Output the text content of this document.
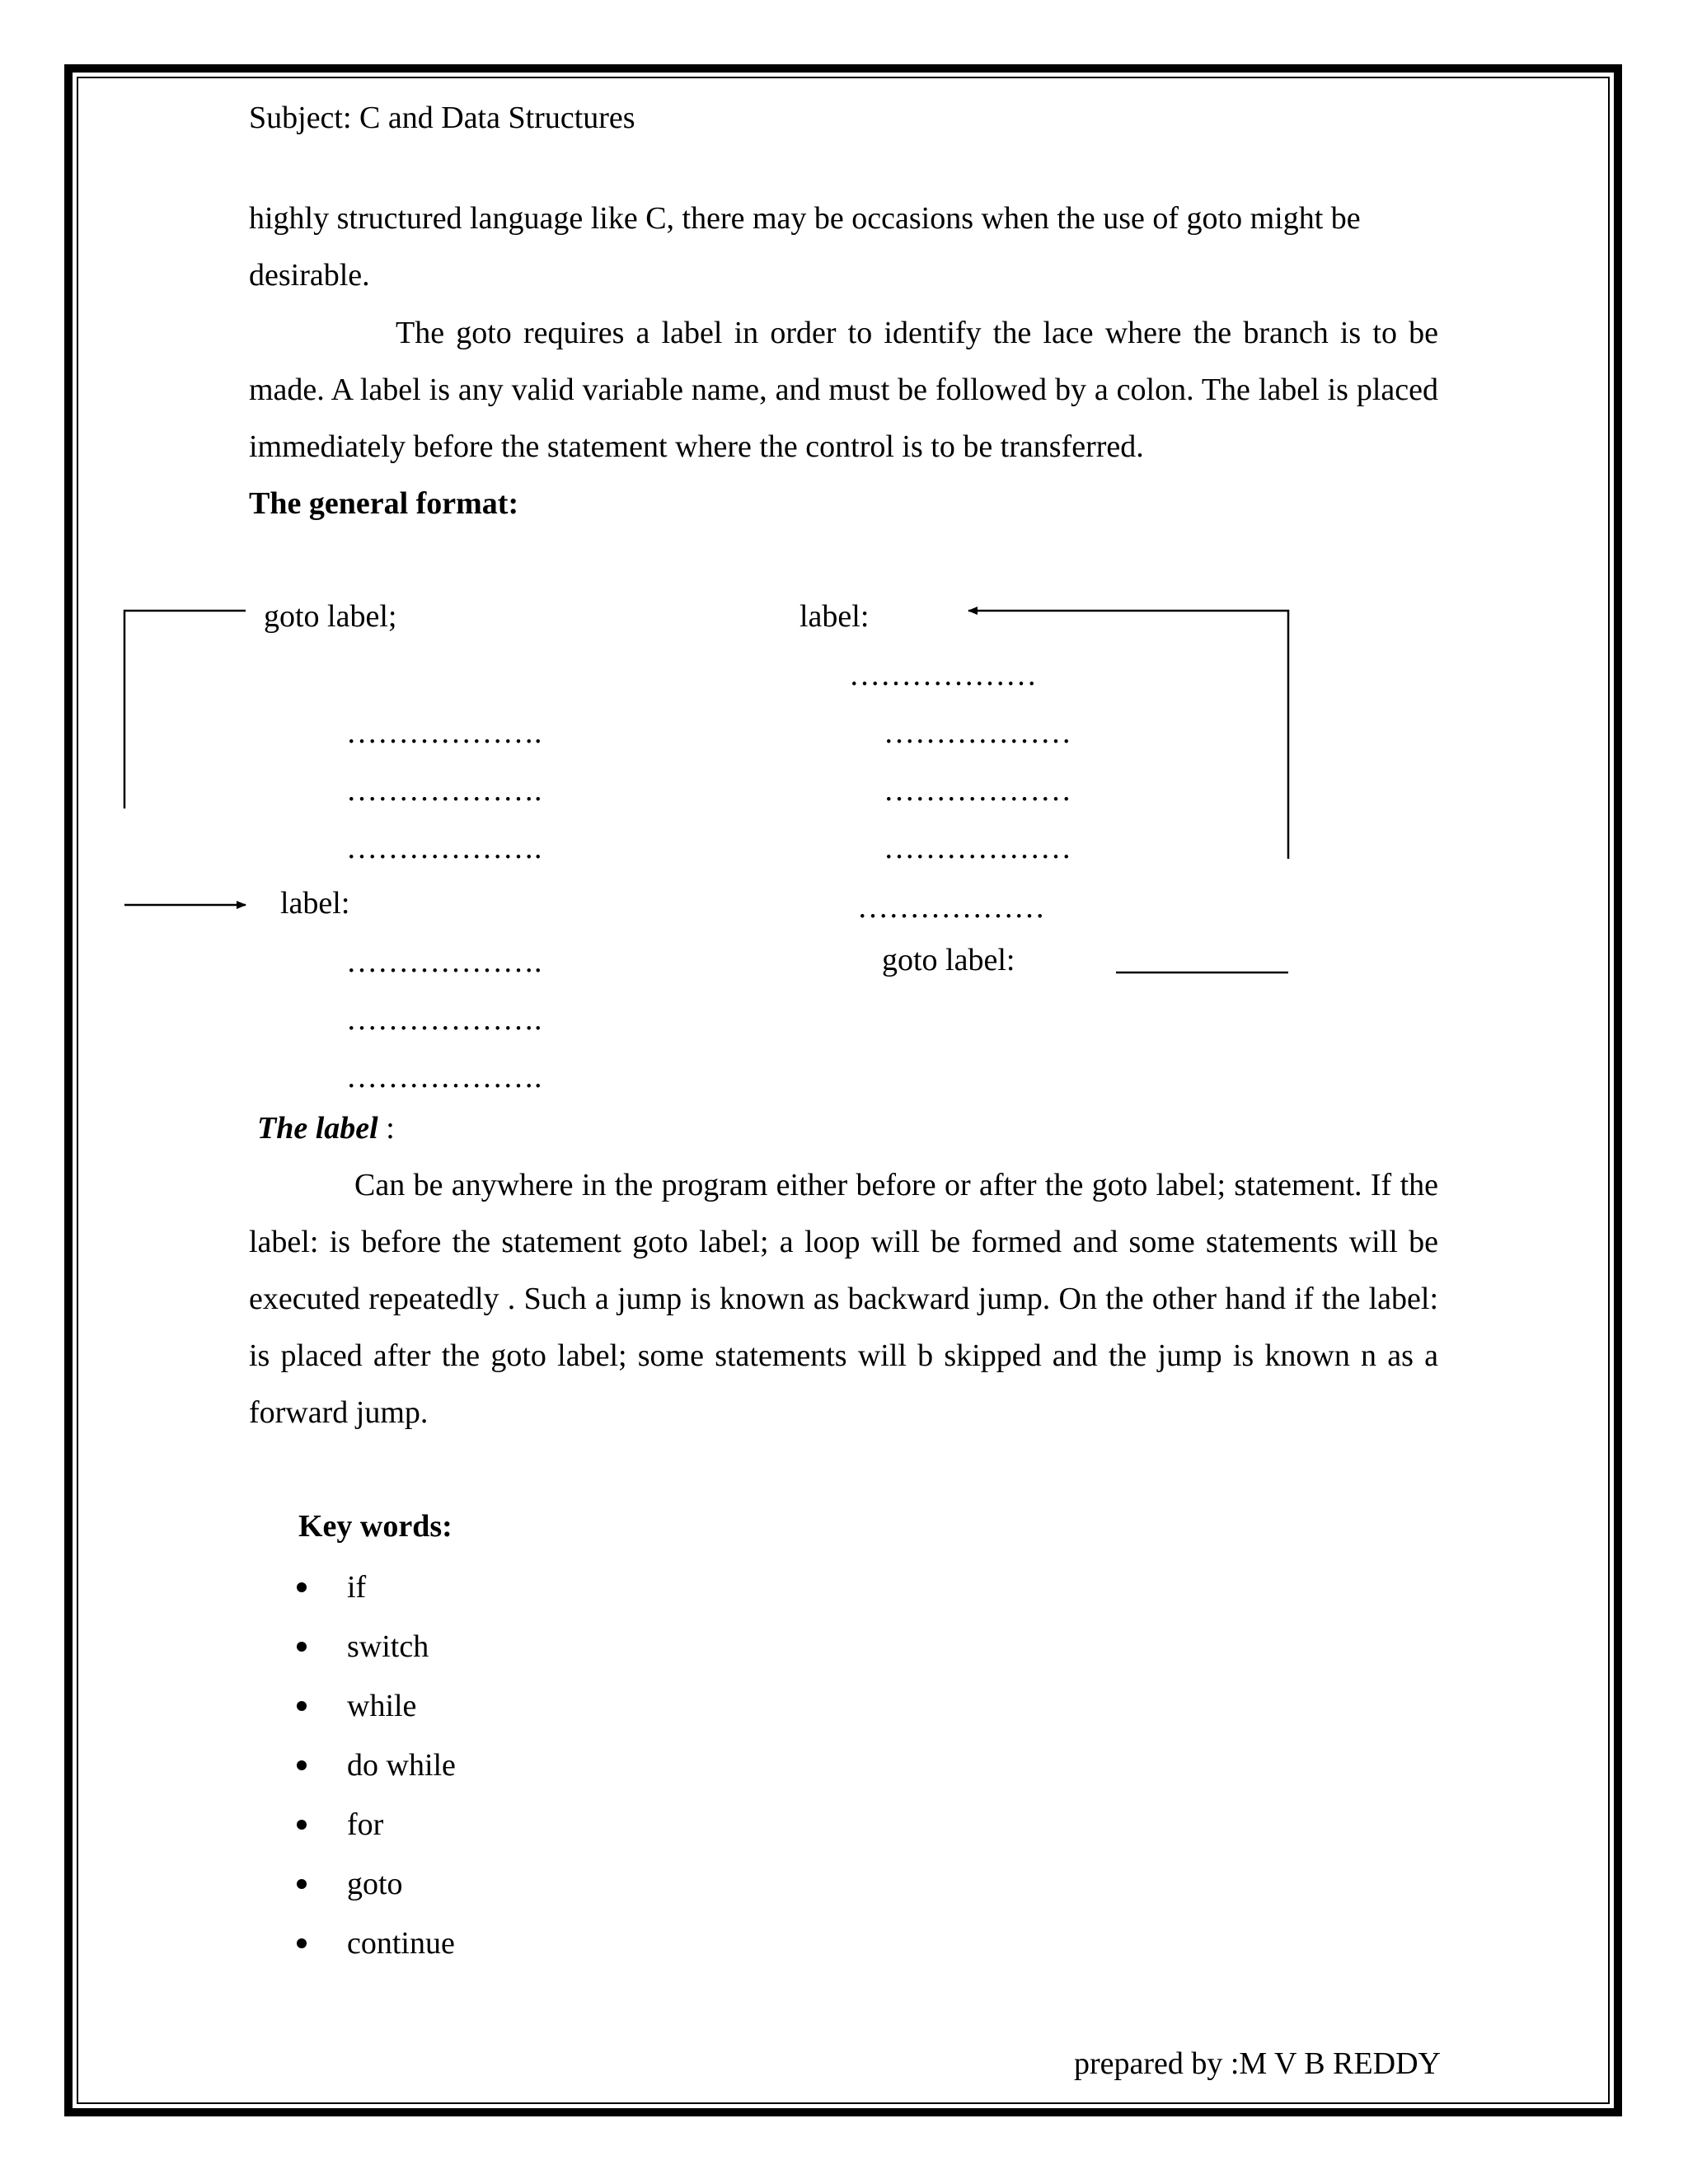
Subject: C and Data Structures
highly structured language like C, there may be occasions when the use of goto might be
desirable.

The goto requires a label in order to identify the lace where the branch is to be made. A label is any valid variable name, and must be followed by a colon. The label is placed immediately before the statement where the control is to be transferred.

The general format:
goto label;
……………….
……………….
……………….
label:
……………….
……………….
……………….
label:
………………
………………
………………
………………
………………
goto label:
The label :

Can be anywhere in the program either before or after the goto label; statement. If the label: is before the statement goto label; a loop will be formed and some statements will be executed repeatedly . Such a jump is known as backward jump. On the other hand if the label: is placed after the goto label; some statements will b skipped and the jump is known n as a forward jump.

Key words:
if
switch
while
do while
for
goto
continue
prepared by :M V B REDDY
